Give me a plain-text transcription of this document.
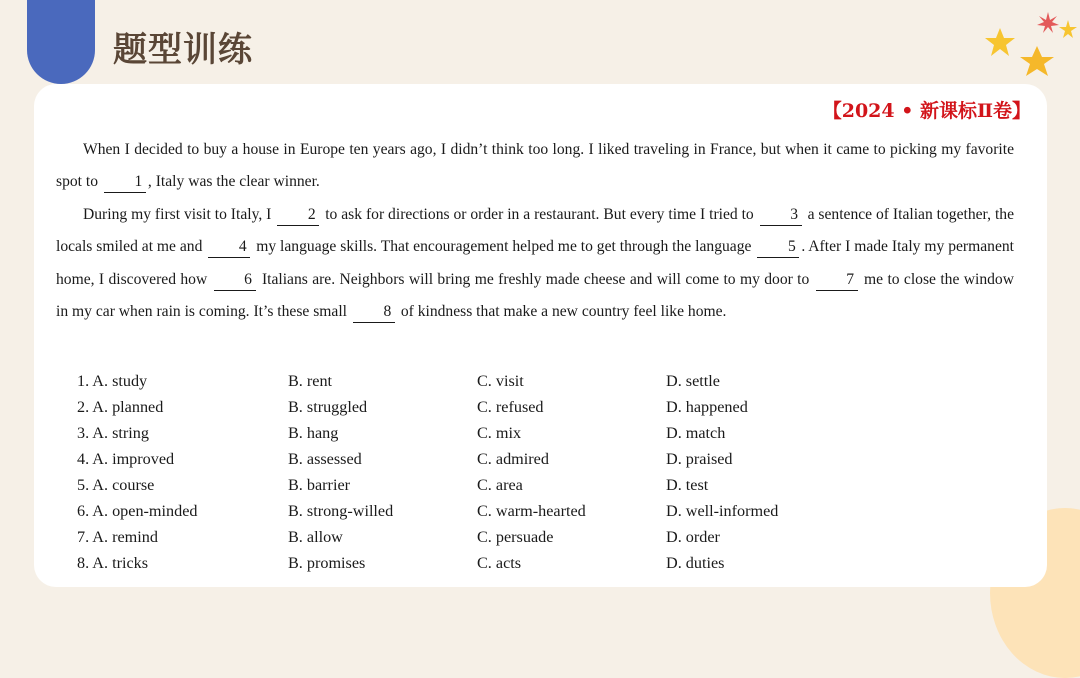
题型训练
【2024 • 新课标Ⅱ卷】

When I decided to buy a house in Europe ten years ago, I didn’t think too long. I liked traveling in France, but when it came to picking my favorite spot to 1 , Italy was the clear winner.

During my first visit to Italy, I 2 to ask for directions or order in a restaurant. But every time I tried to 3 a sentence of Italian together, the locals smiled at me and 4 my language skills. That encouragement helped me to get through the language 5 . After I made Italy my permanent home, I discovered how 6 Italians are. Neighbors will bring me freshly made cheese and will come to my door to 7 me to close the window in my car when rain is coming. It’s these small 8 of kindness that make a new country feel like home.

1. A. study	B. rent	C. visit	D. settle
2. A. planned	B. struggled	C. refused	D. happened
3. A. string	B. hang	C. mix	D. match
4. A. improved	B. assessed	C. admired	D. praised
5. A. course	B. barrier	C. area	D. test
6. A. open-minded	B. strong-willed	C. warm-hearted	D. well-informed
7. A. remind	B. allow	C. persuade	D. order
8. A. tricks	B. promises	C. acts	D. duties
